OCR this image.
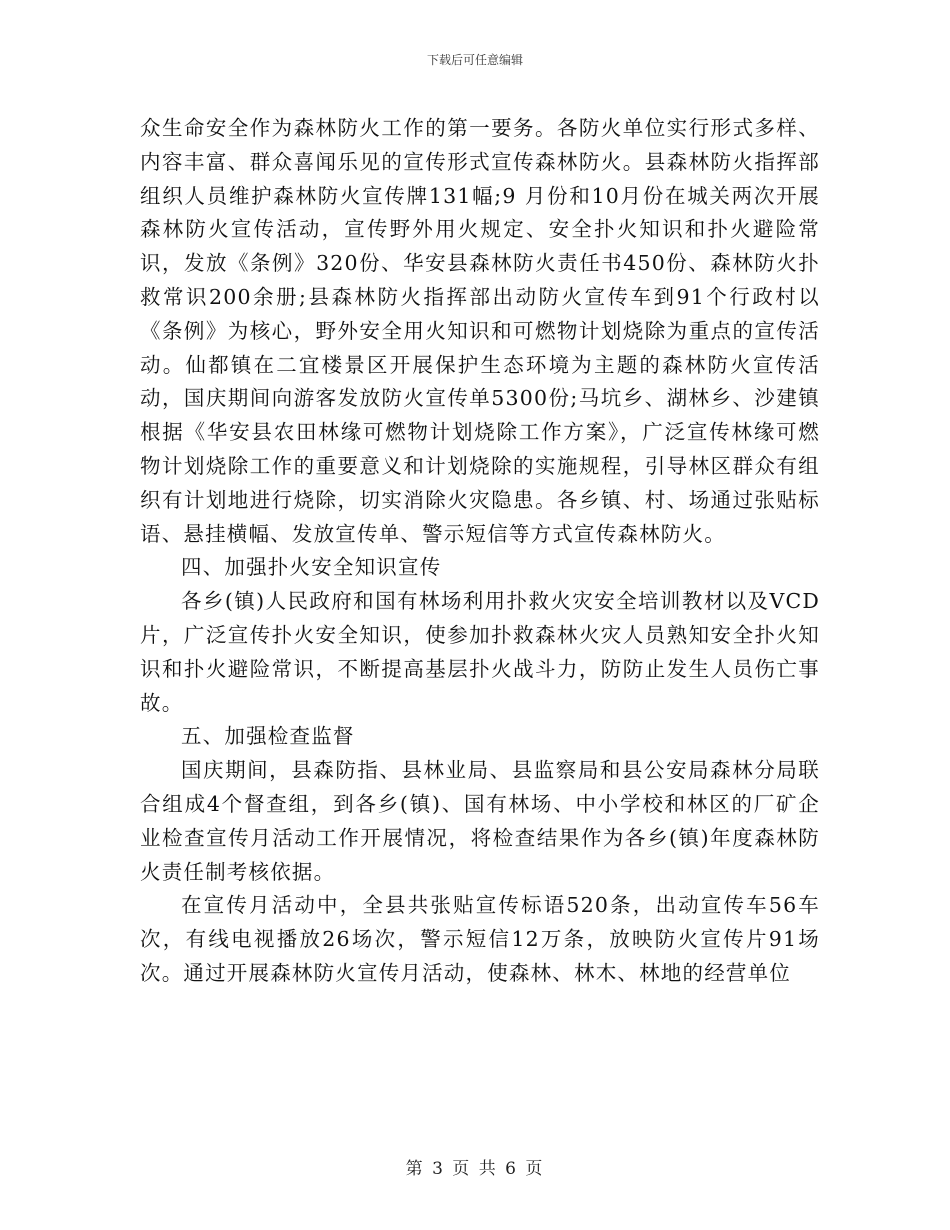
下载后可任意编辑

众生命安全作为森林防火工作的第一要务。各防火单位实行形式多样、内容丰富、群众喜闻乐见的宣传形式宣传森林防火。县森林防火指挥部组织人员维护森林防火宣传牌131幅;9 月份和10月份在城关两次开展森林防火宣传活动，宣传野外用火规定、安全扑火知识和扑火避险常识，发放《条例》320份、华安县森林防火责任书450份、森林防火扑救常识200余册;县森林防火指挥部出动防火宣传车到91个行政村以《条例》为核心，野外安全用火知识和可燃物计划烧除为重点的宣传活动。仙都镇在二宜楼景区开展保护生态环境为主题的森林防火宣传活动，国庆期间向游客发放防火宣传单5300份;马坑乡、湖林乡、沙建镇根据《华安县农田林缘可燃物计划烧除工作方案》，广泛宣传林缘可燃物计划烧除工作的重要意义和计划烧除的实施规程，引导林区群众有组织有计划地进行烧除，切实消除火灾隐患。各乡镇、村、场通过张贴标语、悬挂横幅、发放宣传单、警示短信等方式宣传森林防火。

四、加强扑火安全知识宣传

各乡(镇)人民政府和国有林场利用扑救火灾安全培训教材以及VCD片，广泛宣传扑火安全知识，使参加扑救森林火灾人员熟知安全扑火知识和扑火避险常识，不断提高基层扑火战斗力，防防止发生人员伤亡事故。

五、加强检查监督

国庆期间，县森防指、县林业局、县监察局和县公安局森林分局联合组成4个督查组，到各乡(镇)、国有林场、中小学校和林区的厂矿企业检查宣传月活动工作开展情况，将检查结果作为各乡(镇)年度森林防火责任制考核依据。

在宣传月活动中，全县共张贴宣传标语520条，出动宣传车56车次，有线电视播放26场次，警示短信12万条，放映防火宣传片91场次。通过开展森林防火宣传月活动，使森林、林木、林地的经营单位

第 3 页 共 6 页
